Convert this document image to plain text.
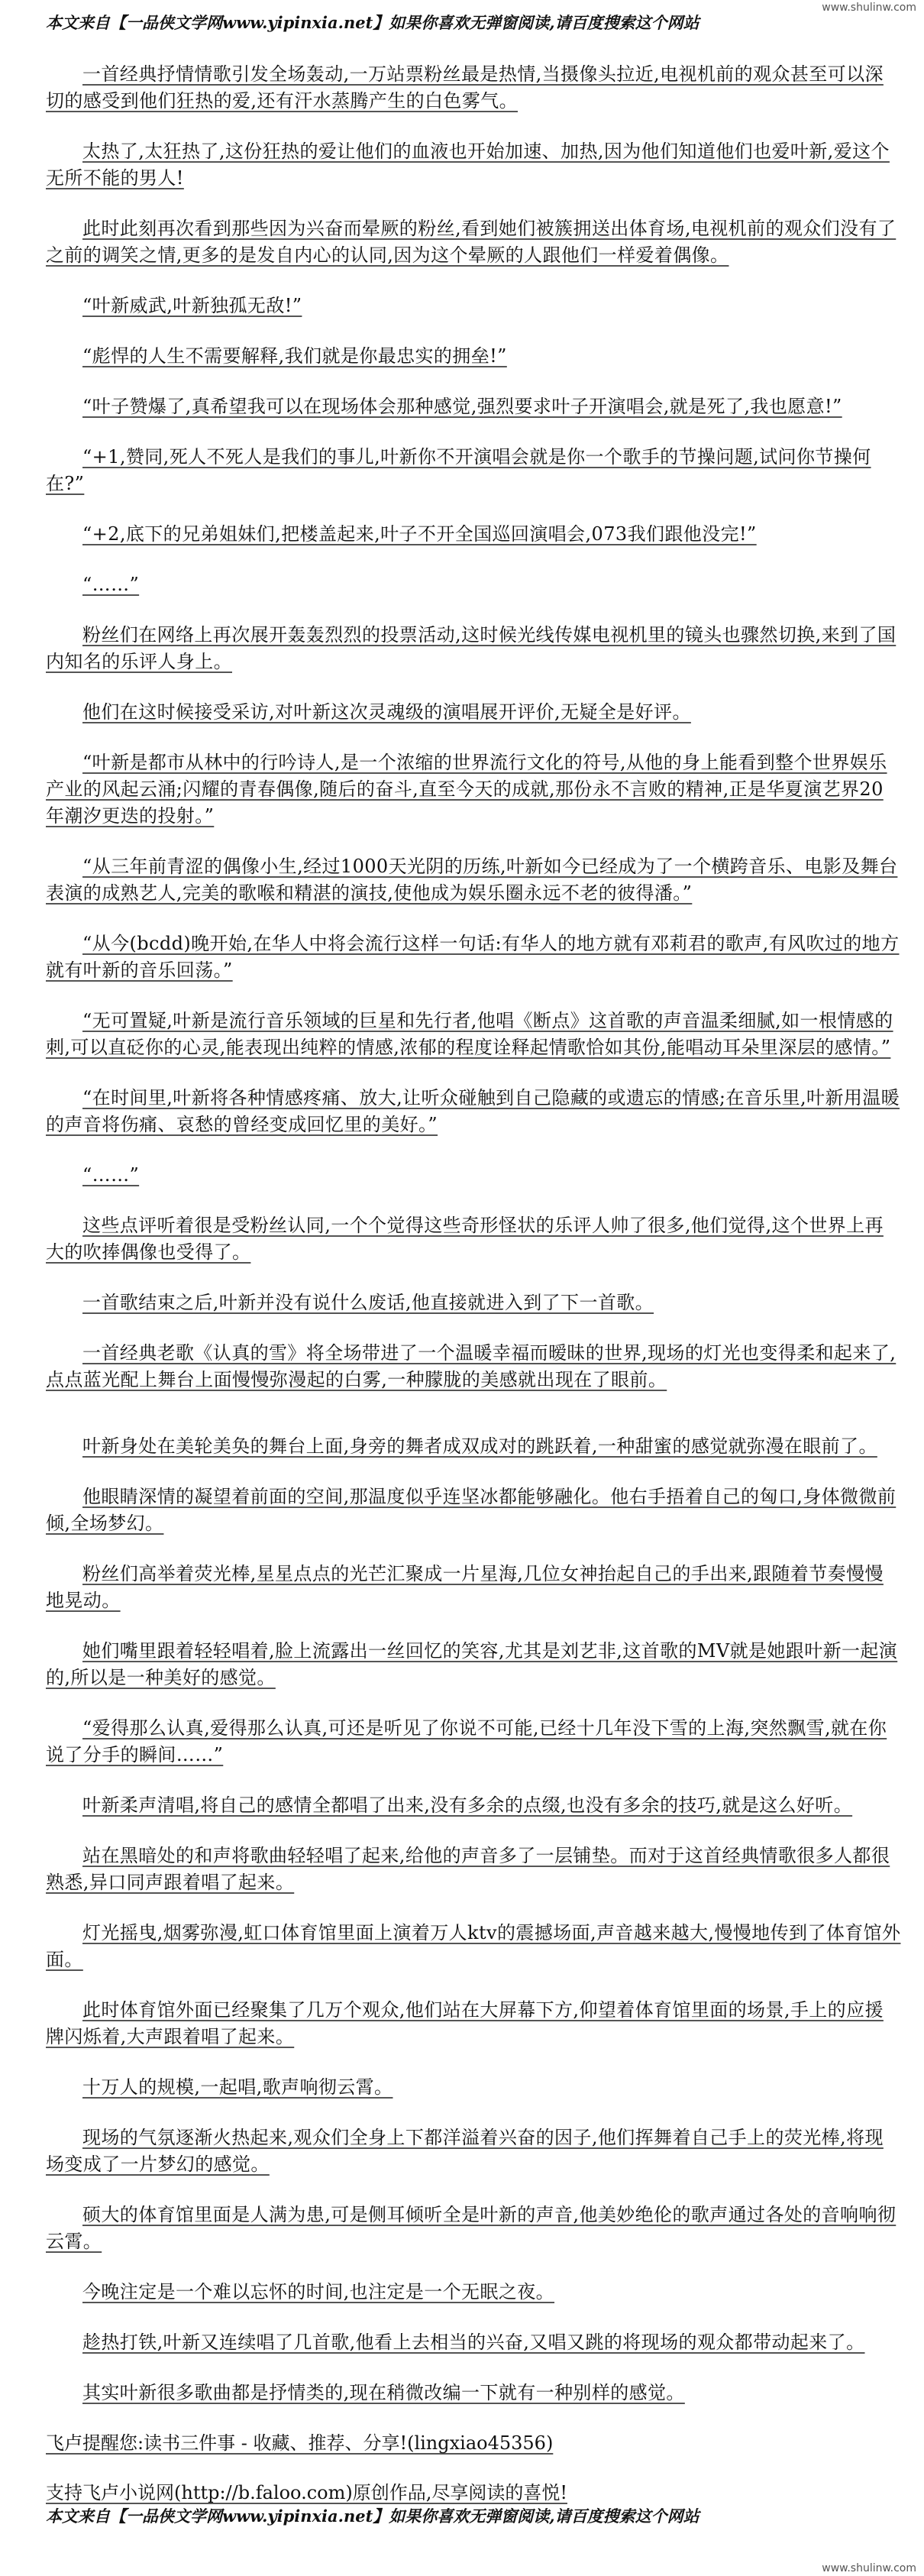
www.shulinw.com
本文来自【一品侠文学网www.yipinxia.net】如果你喜欢无弹窗阅读,请百度搜索这个网站

一首经典抒情情歌引发全场轰动,一万站票粉丝最是热情,当摄像头拉近,电视机前的观众甚至可以深切的感受到他们狂热的爱,还有汗水蒸腾产生的白色雾气。

太热了,太狂热了,这份狂热的爱让他们的血液也开始加速、加热,因为他们知道他们也爱叶新,爱这个无所不能的男人!

此时此刻再次看到那些因为兴奋而晕厥的粉丝,看到她们被簇拥送出体育场,电视机前的观众们没有了之前的调笑之情,更多的是发自内心的认同,因为这个晕厥的人跟他们一样爱着偶像。

“叶新威武,叶新独孤无敌!”

“彪悍的人生不需要解释,我们就是你最忠实的拥垒!”

“叶子赞爆了,真希望我可以在现场体会那种感觉,强烈要求叶子开演唱会,就是死了,我也愿意!”

“+1,赞同,死人不死人是我们的事儿,叶新你不开演唱会就是你一个歌手的节操问题,试问你节操何在?”

“+2,底下的兄弟姐妹们,把楼盖起来,叶子不开全国巡回演唱会,073我们跟他没完!”

“……”

粉丝们在网络上再次展开轰轰烈烈的投票活动,这时候光线传媒电视机里的镜头也骤然切换,来到了国内知名的乐评人身上。

他们在这时候接受采访,对叶新这次灵魂级的演唱展开评价,无疑全是好评。

“叶新是都市从林中的行吟诗人,是一个浓缩的世界流行文化的符号,从他的身上能看到整个世界娱乐产业的风起云涌;闪耀的青春偶像,随后的奋斗,直至今天的成就,那份永不言败的精神,正是华夏演艺界20年潮汐更迭的投射。”

“从三年前青涩的偶像小生,经过1000天光阴的历练,叶新如今已经成为了一个横跨音乐、电影及舞台表演的成熟艺人,完美的歌喉和精湛的演技,使他成为娱乐圈永远不老的彼得潘。”

“从今(bcdd)晚开始,在华人中将会流行这样一句话:有华人的地方就有邓莉君的歌声,有风吹过的地方就有叶新的音乐回荡。”

“无可置疑,叶新是流行音乐领域的巨星和先行者,他唱《断点》这首歌的声音温柔细腻,如一根情感的刺,可以直砭你的心灵,能表现出纯粹的情感,浓郁的程度诠释起情歌恰如其份,能唱动耳朵里深层的感情。”

“在时间里,叶新将各种情感疼痛、放大,让听众碰触到自己隐藏的或遗忘的情感;在音乐里,叶新用温暖的声音将伤痛、哀愁的曾经变成回忆里的美好。”

“……”

这些点评听着很是受粉丝认同,一个个觉得这些奇形怪状的乐评人帅了很多,他们觉得,这个世界上再大的吹捧偶像也受得了。

一首歌结束之后,叶新并没有说什么废话,他直接就进入到了下一首歌。

一首经典老歌《认真的雪》将全场带进了一个温暖幸福而暧昧的世界,现场的灯光也变得柔和起来了,点点蓝光配上舞台上面慢慢弥漫起的白雾,一种朦胧的美感就出现在了眼前。

叶新身处在美轮美奂的舞台上面,身旁的舞者成双成对的跳跃着,一种甜蜜的感觉就弥漫在眼前了。

他眼睛深情的凝望着前面的空间,那温度似乎连坚冰都能够融化。他右手捂着自己的匈口,身体微微前倾,全场梦幻。

粉丝们高举着荧光棒,星星点点的光芒汇聚成一片星海,几位女神抬起自己的手出来,跟随着节奏慢慢地晃动。

她们嘴里跟着轻轻唱着,脸上流露出一丝回忆的笑容,尤其是刘艺非,这首歌的MV就是她跟叶新一起演的,所以是一种美好的感觉。

“爱得那么认真,爱得那么认真,可还是听见了你说不可能,已经十几年没下雪的上海,突然飘雪,就在你说了分手的瞬间……”

叶新柔声清唱,将自己的感情全都唱了出来,没有多余的点缀,也没有多余的技巧,就是这么好听。

站在黑暗处的和声将歌曲轻轻唱了起来,给他的声音多了一层铺垫。而对于这首经典情歌很多人都很熟悉,异口同声跟着唱了起来。

灯光摇曳,烟雾弥漫,虹口体育馆里面上演着万人ktv的震撼场面,声音越来越大,慢慢地传到了体育馆外面。

此时体育馆外面已经聚集了几万个观众,他们站在大屏幕下方,仰望着体育馆里面的场景,手上的应援牌闪烁着,大声跟着唱了起来。

十万人的规模,一起唱,歌声响彻云霄。

现场的气氛逐渐火热起来,观众们全身上下都洋溢着兴奋的因子,他们挥舞着自己手上的荧光棒,将现场变成了一片梦幻的感觉。

硕大的体育馆里面是人满为患,可是侧耳倾听全是叶新的声音,他美妙绝伦的歌声通过各处的音响响彻云霄。

今晚注定是一个难以忘怀的时间,也注定是一个无眠之夜。

趁热打铁,叶新又连续唱了几首歌,他看上去相当的兴奋,又唱又跳的将现场的观众都带动起来了。

其实叶新很多歌曲都是抒情类的,现在稍微改编一下就有一种别样的感觉。

飞卢提醒您:读书三件事 - 收藏、推荐、分享!(lingxiao45356)

支持飞卢小说网(http://b.faloo.com)原创作品,尽享阅读的喜悦!

本文来自【一品侠文学网www.yipinxia.net】如果你喜欢无弹窗阅读,请百度搜索这个网站
www.shulinw.com
